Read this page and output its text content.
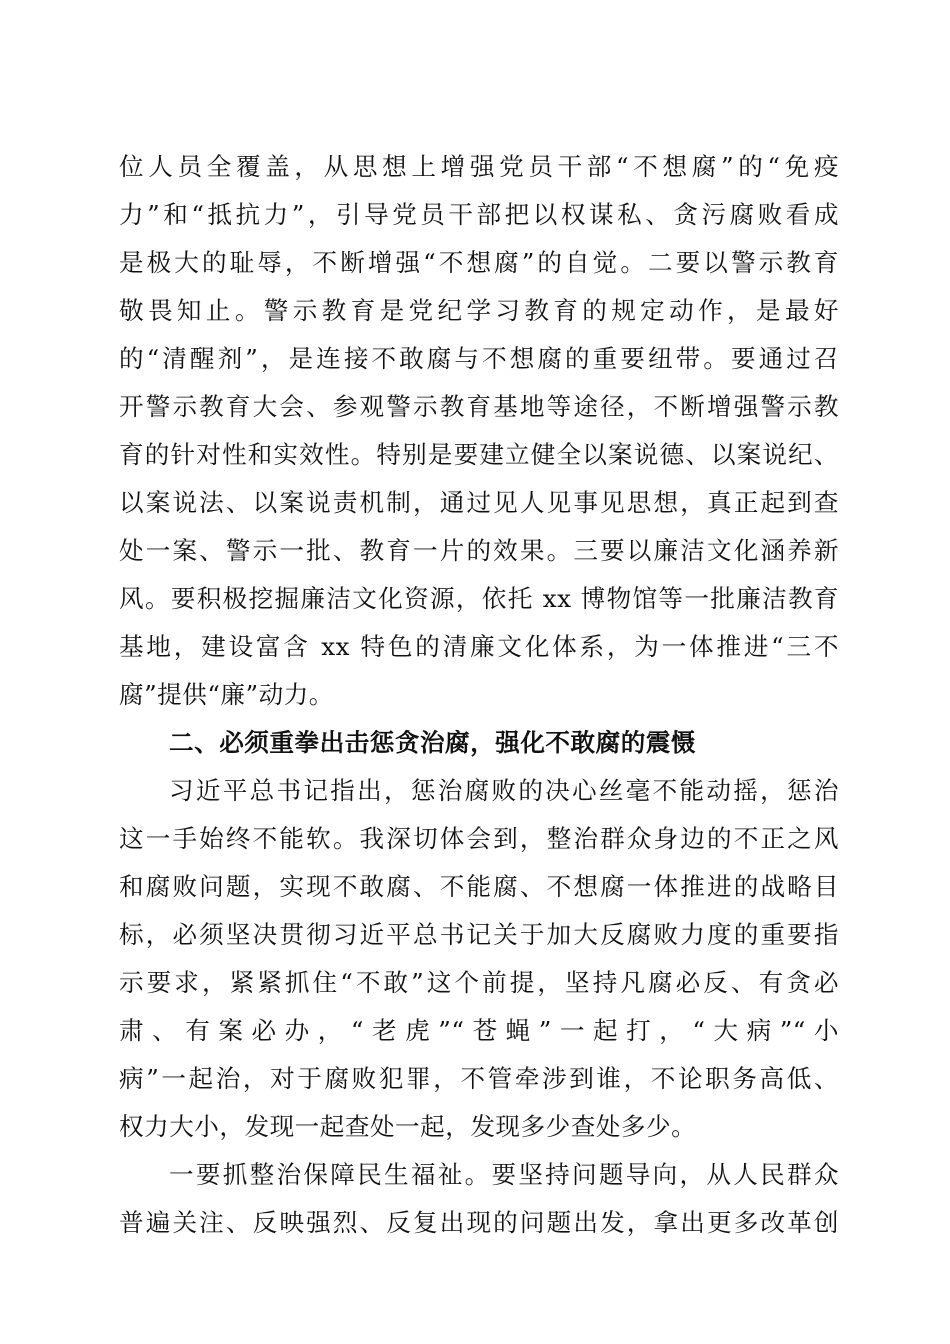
位人员全覆盖，从思想上增强党员干部“不想腐”的“免疫
力”和“抵抗力”，引导党员干部把以权谋私、贪污腐败看成
是极大的耻辱，不断增强“不想腐”的自觉。二要以警示教育
敬畏知止。警示教育是党纪学习教育的规定动作，是最好
的“清醒剂”，是连接不敢腐与不想腐的重要纽带。要通过召
开警示教育大会、参观警示教育基地等途径，不断增强警示教
育的针对性和实效性。特别是要建立健全以案说德、以案说纪、
以案说法、以案说责机制，通过见人见事见思想，真正起到查
处一案、警示一批、教育一片的效果。三要以廉洁文化涵养新
风。要积极挖掘廉洁文化资源，依托 xx 博物馆等一批廉洁教育
基地，建设富含 xx 特色的清廉文化体系，为一体推进“三不
腐”提供“廉”动力。
二、必须重拳出击惩贪治腐，强化不敢腐的震慑
习近平总书记指出，惩治腐败的决心丝毫不能动摇，惩治
这一手始终不能软。我深切体会到，整治群众身边的不正之风
和腐败问题，实现不敢腐、不能腐、不想腐一体推进的战略目
标，必须坚决贯彻习近平总书记关于加大反腐败力度的重要指
示要求，紧紧抓住“不敢”这个前提，坚持凡腐必反、有贪必
肃、有案必办，“老虎”“苍蝇”一起打，“大病”“小
病”一起治，对于腐败犯罪，不管牵涉到谁，不论职务高低、
权力大小，发现一起查处一起，发现多少查处多少。
一要抓整治保障民生福祉。要坚持问题导向，从人民群众
普遍关注、反映强烈、反复出现的问题出发，拿出更多改革创
